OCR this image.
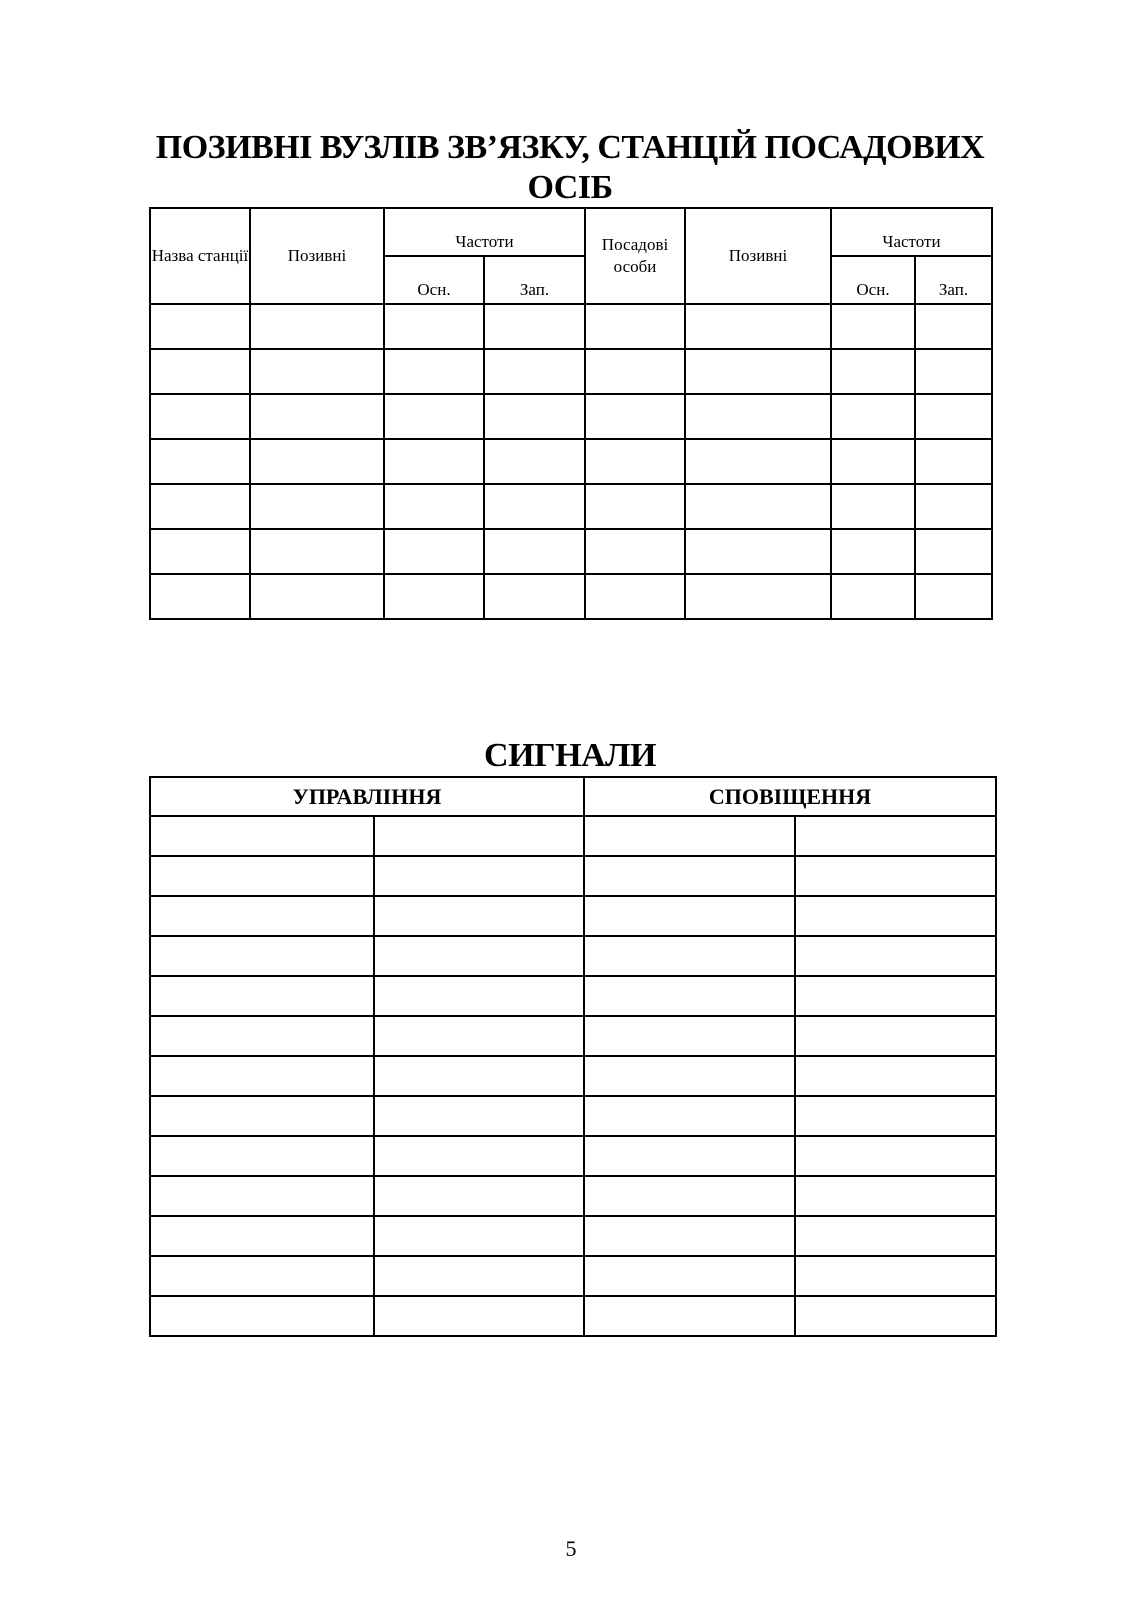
ПОЗИВНІ ВУЗЛІВ ЗВ’ЯЗКУ, СТАНЦІЙ ПОСАДОВИХ
ОСІБ
Назва станції	Позивні	Частоти		Посадові особи	Позивні	Частоти	
		Осн.	Зап.			Осн.	Зап.

СИГНАЛИ
УПРАВЛІННЯ		СПОВІЩЕННЯ	

5
